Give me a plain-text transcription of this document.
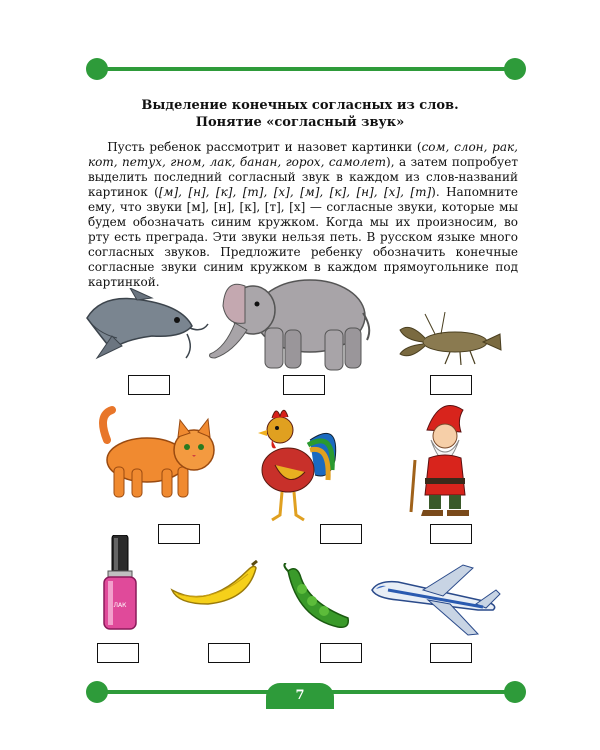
Выделение конечных согласных из слов.
Понятие «согласный звук»
Пусть ребенок рассмотрит и назовет картинки (сом, слон, рак, кот, петух, гном, лак, банан, горох, самолет), а затем попробует выделить последний согласный звук в каждом из слов-названий картинок ([м], [н], [к], [т], [х], [м], [к], [н], [х], [т]). Напомните ему, что звуки [м], [н], [к], [т], [х] — согласные звуки, которые мы будем обозначать синим кружком. Когда мы их произносим, во рту есть преграда. Эти звуки нельзя петь. В русском языке много согласных звуков. Предложите ребенку обозначить конечные согласные звуки синим кружком в каждом прямоугольнике под картинкой.
ЛАК
7
